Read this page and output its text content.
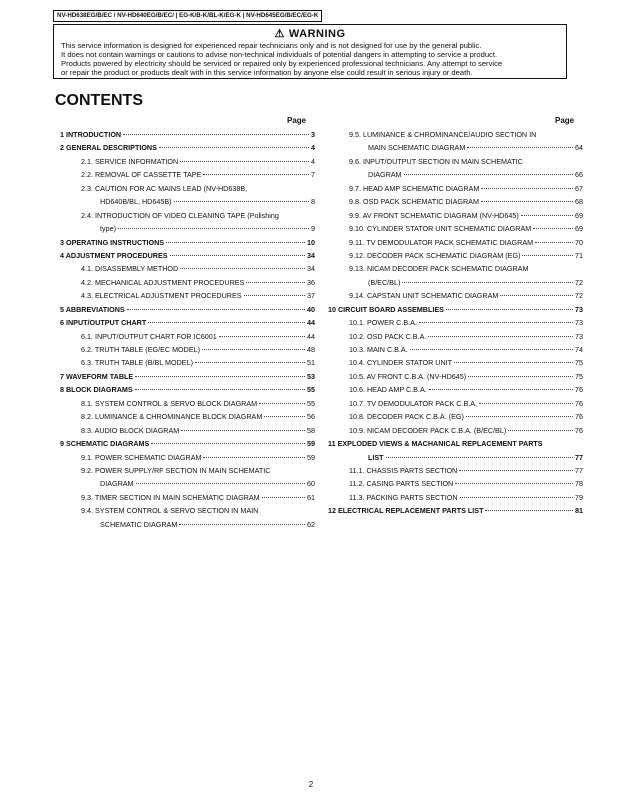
NV-HD638EG/B/EC / NV-HD640EG/B/EC/ | EG-K/B-K/BL-K/EG-K | NV-HD645EG/B/EC/EG-K
⚠ WARNING
This service information is designed for experienced repair technicians only and is not designed for use by the general public.
It does not contain warnings or cautions to advise non-technical individuals of potential dangers in attempting to service a product.
Products powered by electricity should be serviced or repaired only by experienced professional technicians. Any attempt to service
or repair the product or products dealt with in this service information by anyone else could result in serious injury or death.
CONTENTS
Page	Page
1 INTRODUCTION	3
2 GENERAL DESCRIPTIONS	4
2.1. SERVICE INFORMATION	4
2.2. REMOVAL OF CASSETTE TAPE	7
2.3. CAUTION FOR AC MAINS LEAD (NV-HD638B,
HD640B/BL, HD645B)	8
2.4. INTRODUCTION OF VIDEO CLEANING TAPE (Polishing
type)	9
3 OPERATING INSTRUCTIONS	10
4 ADJUSTMENT PROCEDURES	34
4.1. DISASSEMBLY METHOD	34
4.2. MECHANICAL ADJUSTMENT PROCEDURES	36
4.3. ELECTRICAL ADJUSTMENT PROCEDURES	37
5 ABBREVIATIONS	40
6 INPUT/OUTPUT CHART	44
6.1. INPUT/OUTPUT CHART FOR IC6001	44
6.2. TRUTH TABLE (EG/EC MODEL)	48
6.3. TRUTH TABLE (B/BL MODEL)	51
7 WAVEFORM TABLE	53
8 BLOCK DIAGRAMS	55
8.1. SYSTEM CONTROL & SERVO BLOCK DIAGRAM	55
8.2. LUMINANCE & CHROMINANCE BLOCK DIAGRAM	56
8.3. AUDIO BLOCK DIAGRAM	58
9 SCHEMATIC DIAGRAMS	59
9.1. POWER SCHEMATIC DIAGRAM	59
9.2. POWER SUPPLY/RF SECTION IN MAIN SCHEMATIC
DIAGRAM	60
9.3. TIMER SECTION IN MAIN SCHEMATIC DIAGRAM	61
9.4. SYSTEM CONTROL & SERVO SECTION IN MAIN
SCHEMATIC DIAGRAM	62
9.5. LUMINANCE & CHROMINANCE/AUDIO SECTION IN
MAIN SCHEMATIC DIAGRAM	64
9.6. INPUT/OUTPUT SECTION IN MAIN SCHEMATIC
DIAGRAM	66
9.7. HEAD AMP SCHEMATIC DIAGRAM	67
9.8. OSD PACK SCHEMATIC DIAGRAM	68
9.9. AV FRONT SCHEMATIC DIAGRAM (NV-HD645)	69
9.10. CYLINDER STATOR UNIT SCHEMATIC DIAGRAM	69
9.11. TV DEMODULATOR PACK SCHEMATIC DIAGRAM	70
9.12. DECODER PACK SCHEMATIC DIAGRAM (EG)	71
9.13. NICAM DECODER PACK SCHEMATIC DIAGRAM
(B/EC/BL)	72
9.14. CAPSTAN UNIT SCHEMATIC DIAGRAM	72
10 CIRCUIT BOARD ASSEMBLIES	73
10.1. POWER C.B.A.	73
10.2. OSD PACK C.B.A.	73
10.3. MAIN C.B.A.	74
10.4. CYLINDER STATOR UNIT	75
10.5. AV FRONT C.B.A. (NV-HD645)	75
10.6. HEAD AMP C.B.A.	76
10.7. TV DEMODULATOR PACK C.B.A.	76
10.8. DECODER PACK C.B.A. (EG)	76
10.9. NICAM DECODER PACK C.B.A. (B/EC/BL)	76
11 EXPLODED VIEWS & MACHANICAL REPLACEMENT PARTS
LIST	77
11.1. CHASSIS PARTS SECTION	77
11.2. CASING PARTS SECTION	78
11.3. PACKING PARTS SECTION	79
12 ELECTRICAL REPLACEMENT PARTS LIST	81
2
